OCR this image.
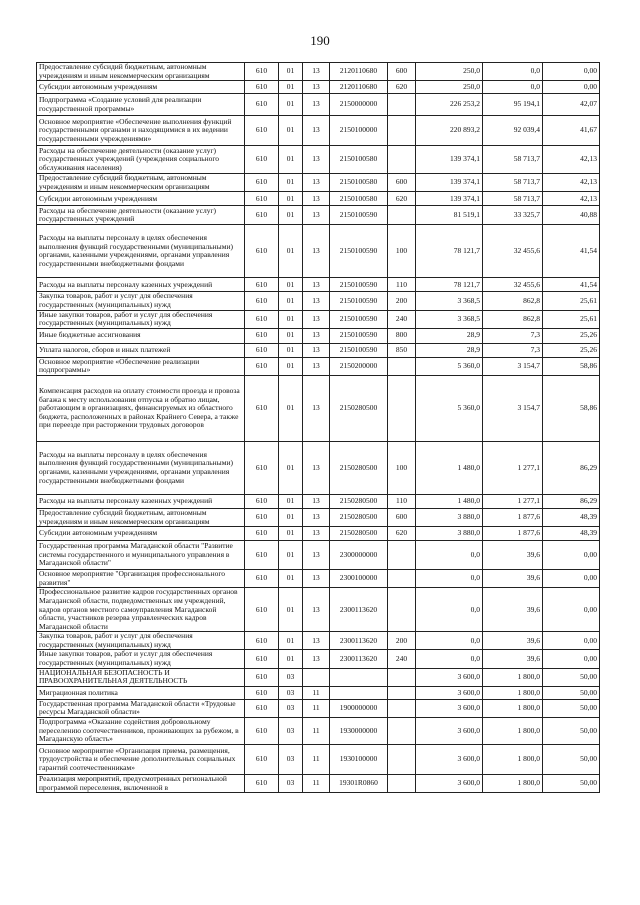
190
Предоставление субсидий бюджетным, автономным учреждениям и иным некоммерческим организациям	610	01	13	2120110680	600	250,0	0,0	0,00
Субсидии автономным учреждениям	610	01	13	2120110680	620	250,0	0,0	0,00
Подпрограмма «Создание условий для реализации государственной программы»	610	01	13	2150000000		226 253,2	95 194,1	42,07
Основное мероприятие «Обеспечение выполнения функций государственными органами и находящимися в их ведении государственными учреждениями»	610	01	13	2150100000		220 893,2	92 039,4	41,67
Расходы на обеспечение деятельности (оказание услуг) государственных учреждений (учреждения социального обслуживания населения)	610	01	13	2150100580		139 374,1	58 713,7	42,13
Предоставление субсидий бюджетным, автономным учреждениям и иным некоммерческим организациям	610	01	13	2150100580	600	139 374,1	58 713,7	42,13
Субсидии автономным учреждениям	610	01	13	2150100580	620	139 374,1	58 713,7	42,13
Расходы на обеспечение деятельности (оказание услуг) государственных учреждений	610	01	13	2150100590		81 519,1	33 325,7	40,88
Расходы на выплаты персоналу в целях обеспечения выполнения функций государственными (муниципальными) органами, казенными учреждениями, органами управления государственными внебюджетными фондами	610	01	13	2150100590	100	78 121,7	32 455,6	41,54
Расходы на выплаты персоналу казенных учреждений	610	01	13	2150100590	110	78 121,7	32 455,6	41,54
Закупка товаров, работ и услуг для обеспечения государственных (муниципальных) нужд	610	01	13	2150100590	200	3 368,5	862,8	25,61
Иные закупки товаров, работ и услуг для обеспечения государственных (муниципальных) нужд	610	01	13	2150100590	240	3 368,5	862,8	25,61
Иные бюджетные ассигнования	610	01	13	2150100590	800	28,9	7,3	25,26
Уплата налогов, сборов и иных платежей	610	01	13	2150100590	850	28,9	7,3	25,26
Основное мероприятие «Обеспечение реализации подпрограммы»	610	01	13	2150200000		5 360,0	3 154,7	58,86
Компенсация расходов на оплату стоимости проезда и провоза багажа к месту использования отпуска и обратно лицам, работающим в организациях, финансируемых из областного бюджета, расположенных в районах Крайнего Севера, а также при переезде при расторжении трудовых договоров	610	01	13	2150280500		5 360,0	3 154,7	58,86
Расходы на выплаты персоналу в целях обеспечения выполнения функций государственными (муниципальными) органами, казенными учреждениями, органами управления государственными внебюджетными фондами	610	01	13	2150280500	100	1 480,0	1 277,1	86,29
Расходы на выплаты персоналу казенных учреждений	610	01	13	2150280500	110	1 480,0	1 277,1	86,29
Предоставление субсидий бюджетным, автономным учреждениям и иным некоммерческим организациям	610	01	13	2150280500	600	3 880,0	1 877,6	48,39
Субсидии автономным учреждениям	610	01	13	2150280500	620	3 880,0	1 877,6	48,39
Государственная программа Магаданской области "Развитие системы государственного и муниципального управления в Магаданской области"	610	01	13	2300000000		0,0	39,6	0,00
Основное мероприятие "Организация профессионального развития"	610	01	13	2300100000		0,0	39,6	0,00
Профессиональное развитие кадров государственных органов Магаданской области, подведомственных им учреждений, кадров органов местного самоуправления Магаданской области, участников резерва управленческих кадров Магаданской области	610	01	13	2300113620		0,0	39,6	0,00
Закупка товаров, работ и услуг для обеспечения государственных (муниципальных) нужд	610	01	13	2300113620	200	0,0	39,6	0,00
Иные закупки товаров, работ и услуг для обеспечения государственных (муниципальных) нужд	610	01	13	2300113620	240	0,0	39,6	0,00
НАЦИОНАЛЬНАЯ БЕЗОПАСНОСТЬ И ПРАВООХРАНИТЕЛЬНАЯ ДЕЯТЕЛЬНОСТЬ	610	03				3 600,0	1 800,0	50,00
Миграционная политика	610	03	11			3 600,0	1 800,0	50,00
Государственная программа Магаданской области «Трудовые ресурсы Магаданской области»	610	03	11	1900000000		3 600,0	1 800,0	50,00
Подпрограмма «Оказание содействия добровольному переселению соотечественников, проживающих за рубежом, в Магаданскую область»	610	03	11	1930000000		3 600,0	1 800,0	50,00
Основное мероприятие «Организация приема, размещения, трудоустройства и обеспечение дополнительных социальных гарантий соотечественникам»	610	03	11	1930100000		3 600,0	1 800,0	50,00
Реализация мероприятий, предусмотренных региональной программой переселения, включенной в	610	03	11	19301R0860		3 600,0	1 800,0	50,00
